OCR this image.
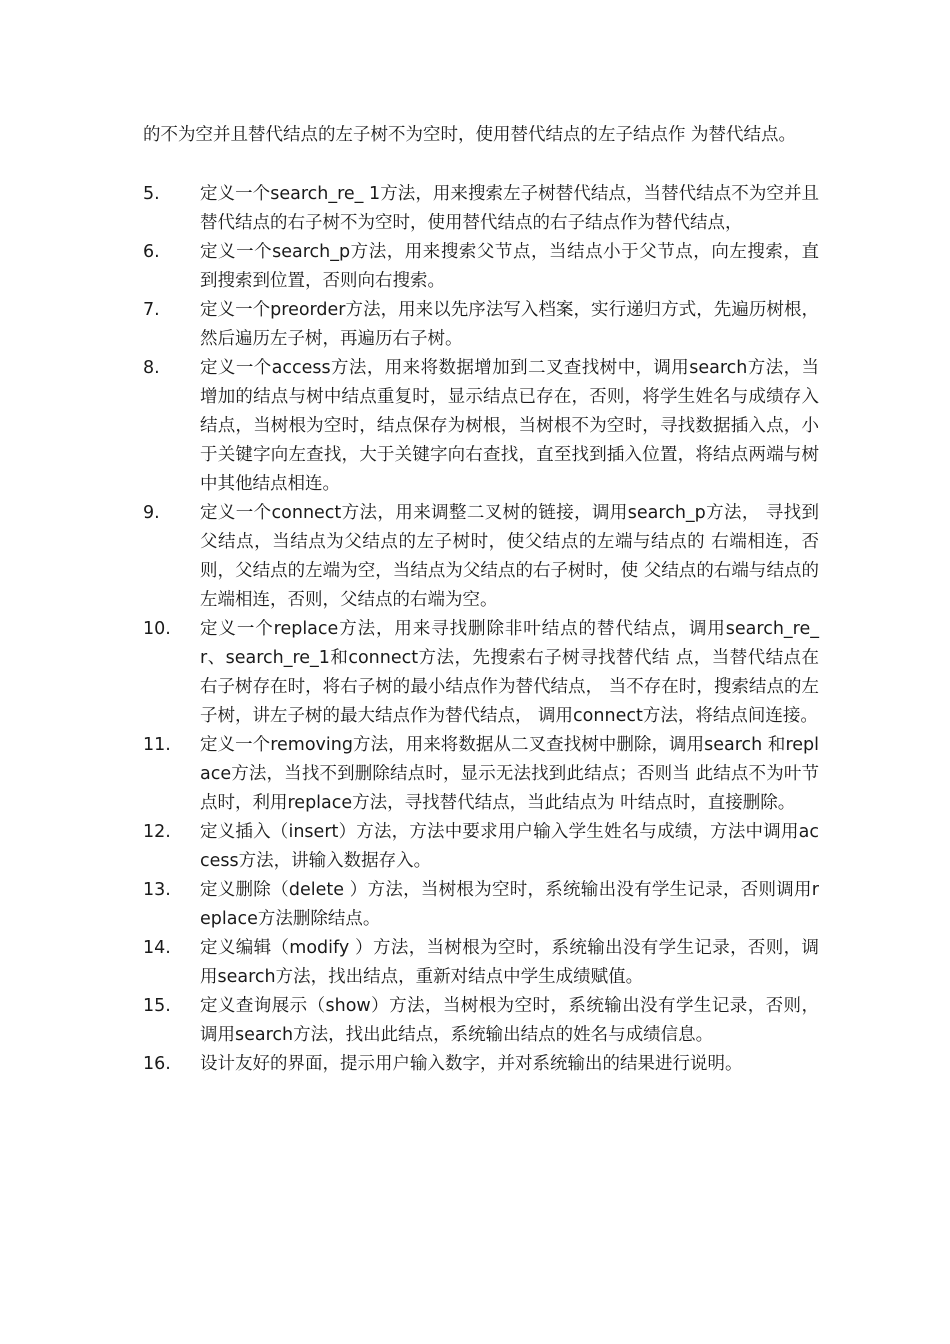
的不为空并且替代结点的左子树不为空时，使用替代结点的左子结点作 为替代结点。
5.	定义一个search_re_ 1方法，用来搜索左子树替代结点，当替代结点不为空并且替代结点的右子树不为空时，使用替代结点的右子结点作为替代结点，
6.	定义一个search_p方法，用来搜索父节点，当结点小于父节点，向左搜索，直到搜索到位置，否则向右搜索。
7.	定义一个preorder方法，用来以先序法写入档案，实行递归方式，先遍历树根，然后遍历左子树，再遍历右子树。
8.	定义一个access方法，用来将数据增加到二叉查找树中，调用search方法，当增加的结点与树中结点重复时，显示结点已存在，否则，将学生姓名与成绩存入结点，当树根为空时，结点保存为树根，当树根不为空时，寻找数据插入点，小于关键字向左查找，大于关键字向右查找，直至找到插入位置，将结点两端与树中其他结点相连。
9.	定义一个connect方法，用来调整二叉树的链接，调用search_p方法， 寻找到父结点，当结点为父结点的左子树时，使父结点的左端与结点的 右端相连，否则，父结点的左端为空，当结点为父结点的右子树时，使 父结点的右端与结点的左端相连，否则，父结点的右端为空。
10.	定义一个replace方法，用来寻找删除非叶结点的替代结点，调用search_re_r、search_re_1和connect方法，先搜索右子树寻找替代结 点，当替代结点在右子树存在时，将右子树的最小结点作为替代结点， 当不存在时，搜索结点的左子树，讲左子树的最大结点作为替代结点， 调用connect方法，将结点间连接。
11.	定义一个removing方法，用来将数据从二叉查找树中删除，调用search 和replace方法，当找不到删除结点时，显示无法找到此结点；否则当 此结点不为叶节点时，利用replace方法，寻找替代结点，当此结点为 叶结点时，直接删除。
12.	定义插入（insert）方法，方法中要求用户输入学生姓名与成绩，方法中调用access方法，讲输入数据存入。
13.	定义删除（delete ）方法，当树根为空时，系统输出没有学生记录，否则调用replace方法删除结点。
14.	定义编辑（modify ）方法，当树根为空时，系统输出没有学生记录，否则，调用search方法，找出结点，重新对结点中学生成绩赋值。
15.	定义查询展示（show）方法，当树根为空时，系统输出没有学生记录，否则，调用search方法，找出此结点，系统输出结点的姓名与成绩信息。
16.	设计友好的界面，提示用户输入数字，并对系统输出的结果进行说明。
